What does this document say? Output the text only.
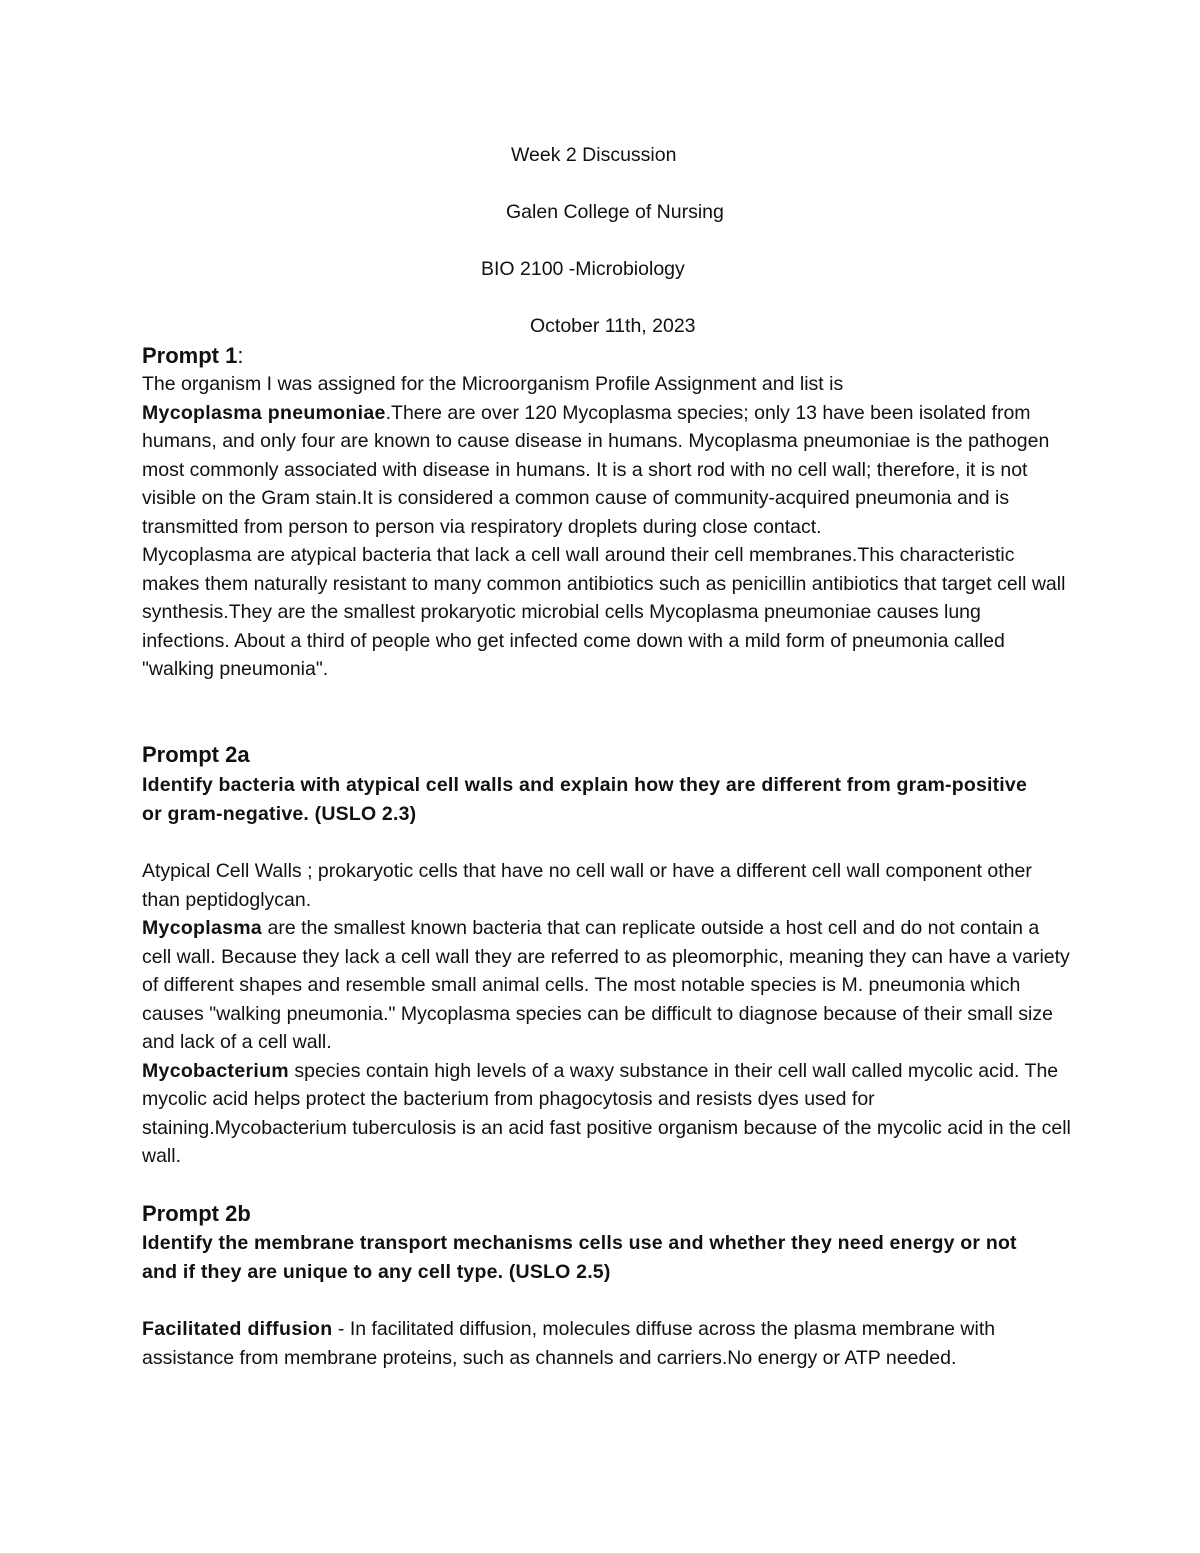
Week 2 Discussion
Galen College of Nursing
BIO 2100 -Microbiology
October 11th, 2023
Prompt 1:

The organism I was assigned for the Microorganism Profile Assignment and list is
Mycoplasma pneumoniae.There are over 120 Mycoplasma species; only 13 have been isolated from humans, and only four are known to cause disease in humans. Mycoplasma pneumoniae is the pathogen most commonly associated with disease in humans. It is a short rod with no cell wall; therefore, it is not visible on the Gram stain.It is considered a common cause of community-acquired pneumonia and is transmitted from person to person via respiratory droplets during close contact.

Mycoplasma are atypical bacteria that lack a cell wall around their cell membranes.This characteristic makes them naturally resistant to many common antibiotics such as penicillin antibiotics that target cell wall synthesis.They are the smallest prokaryotic microbial cells Mycoplasma pneumoniae causes lung infections. About a third of people who get infected come down with a mild form of pneumonia called "walking pneumonia".

Prompt 2a
Identify bacteria with atypical cell walls and explain how they are different from gram-positive or gram-negative. (USLO 2.3)

Atypical Cell Walls ; prokaryotic cells that have no cell wall or have a different cell wall component other than peptidoglycan.

Mycoplasma are the smallest known bacteria that can replicate outside a host cell and do not contain a cell wall. Because they lack a cell wall they are referred to as pleomorphic, meaning they can have a variety of different shapes and resemble small animal cells. The most notable species is M. pneumonia which causes "walking pneumonia." Mycoplasma species can be difficult to diagnose because of their small size and lack of a cell wall.

Mycobacterium species contain high levels of a waxy substance in their cell wall called mycolic acid. The mycolic acid helps protect the bacterium from phagocytosis and resists dyes used for staining.Mycobacterium tuberculosis is an acid fast positive organism because of the mycolic acid in the cell wall.

Prompt 2b
Identify the membrane transport mechanisms cells use and whether they need energy or not and if they are unique to any cell type. (USLO 2.5)

Facilitated diffusion - In facilitated diffusion, molecules diffuse across the plasma membrane with assistance from membrane proteins, such as channels and carriers.No energy or ATP needed.
